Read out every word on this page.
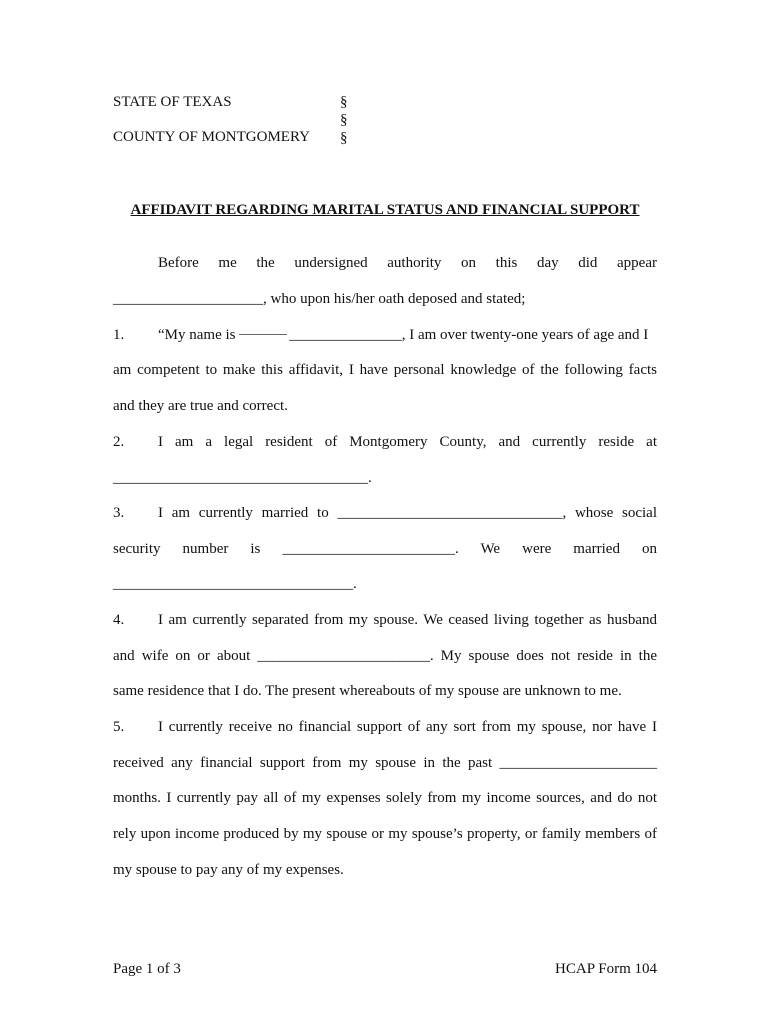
STATE OF TEXAS
COUNTY OF MONTGOMERY
§
§
§
AFFIDAVIT REGARDING MARITAL STATUS AND FINANCIAL SUPPORT
Before me the undersigned authority on this day did appear
____________________, who upon his/her oath deposed and stated;
1. “My name is	_______________, I am over twenty-one years of age and I
am competent to make this affidavit, I have personal knowledge of the following facts
and they are true and correct.
2. I am a legal resident of Montgomery County, and currently reside at
__________________________________.
3. I am currently married to ______________________________, whose social
security number is _______________________. We were married on
________________________________.
4. I am currently separated from my spouse. We ceased living together as husband
and wife on or about _______________________. My spouse does not reside in the
same residence that I do. The present whereabouts of my spouse are unknown to me.
5. I currently receive no financial support of any sort from my spouse, nor have I
received any financial support from my spouse in the past _____________________
months. I currently pay all of my expenses solely from my income sources, and do not
rely upon income produced by my spouse or my spouse’s property, or family members of
my spouse to pay any of my expenses.
Page 1 of 3	HCAP Form 104
